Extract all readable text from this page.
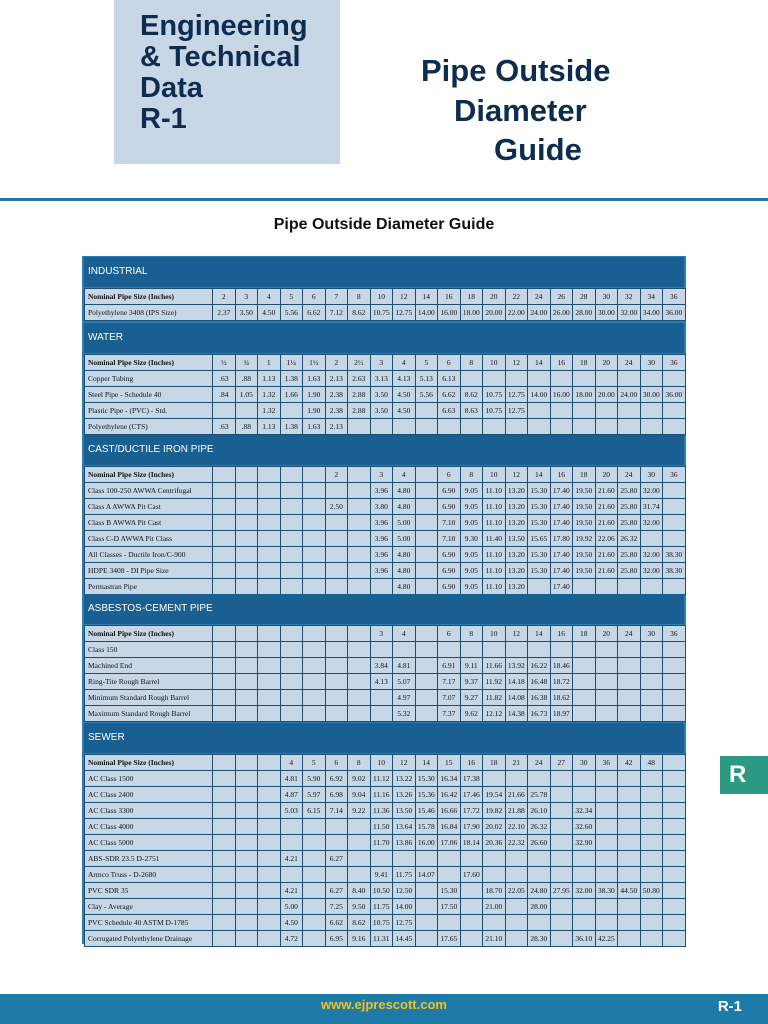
Engineering
& Technical
Data
R-1
Pipe Outside
Diameter
Guide
Pipe Outside Diameter Guide
INDUSTRIAL
Nominal Pipe Size (Inches)	2	3	4	5	6	7	8	10	12	14	16	18	20	22	24	26	28	30	32	34	36
Polyethylene 3408 (IPS Size)	2.37	3.50	4.50	5.56	6.62	7.12	8.62	10.75	12.75	14.00	16.00	18.00	20.00	22.00	24.00	26.00	28.00	30.00	32.00	34.00	36.00
WATER
Nominal Pipe Size (Inches)	½	¾	1	1¼	1½	2	2½	3	4	5	6	8	10	12	14	16	18	20	24	30	36
Copper Tubing	.63	.88	1.13	1.38	1.63	2.13	2.63	3.13	4.13	5.13	6.13										
Steel Pipe - Schedule 40	.84	1.05	1.32	1.66	1.90	2.38	2.88	3.50	4.50	5.56	6.62	8.62	10.75	12.75	14.00	16.00	18.00	20.00	24.00	30.00	36.00
Plastic Pipe - (PVC) - Std.			1.32		1.90	2.38	2.88	3.50	4.50		6.63	8.63	10.75	12.75							
Polyethylene (CTS)	.63	.88	1.13	1.38	1.63	2.13															
CAST/DUCTILE IRON PIPE
Nominal Pipe Size (Inches)						2		3	4		6	8	10	12	14	16	18	20	24	30	36
Class 100-250 AWWA Centrifugal								3.96	4.80		6.90	9.05	11.10	13.20	15.30	17.40	19.50	21.60	25.80	32.00	
Class A AWWA Pit Cast						2.50		3.80	4.80		6.90	9.05	11.10	13.20	15.30	17.40	19.50	21.60	25.80	31.74	
Class B AWWA Pit Cast								3.96	5.00		7.10	9.05	11.10	13.20	15.30	17.40	19.50	21.60	25.80	32.00	
Class C-D AWWA Pit Class								3.96	5.00		7.10	9.30	11.40	13.50	15.65	17.80	19.92	22.06	26.32		
All Classes - Ductile Iron/C-900								3.96	4.80		6.90	9.05	11.10	13.20	15.30	17.40	19.50	21.60	25.80	32.00	38.30
HDPE 3408 - DI Pipe Size								3.96	4.80		6.90	9.05	11.10	13.20	15.30	17.40	19.50	21.60	25.80	32.00	38.30
Permastran Pipe									4.80		6.90	9.05	11.10	13.20		17.40					
ASBESTOS-CEMENT PIPE
Nominal Pipe Size (Inches)								3	4		6	8	10	12	14	16	18	20	24	30	36
Class 150																					
Machined End								3.84	4.81		6.91	9.11	11.66	13.92	16.22	18.46					
Ring-Tite Rough Barrel								4.13	5.07		7.17	9.37	11.92	14.18	16.48	18.72					
Minimum Standard Rough Barrel									4.97		7.07	9.27	11.82	14.08	16.38	18.62					
Maximum Standard Rough Barrel									5.32		7.37	9.62	12.12	14.38	16.73	18.97					
SEWER
Nominal Pipe Size (Inches)				4	5	6	8	10	12	14	15	16	18	21	24	27	30	36	42	48	
AC Class 1500				4.81	5.90	6.92	9.02	11.12	13.22	15.30	16.34	17.38									
AC Class 2400				4.87	5.97	6.98	9.04	11.16	13.26	15.36	16.42	17.46	19.54	21.66	25.78						
AC Class 3300				5.03	6.15	7.14	9.22	11.36	13.50	15.46	16.66	17.72	19.82	21.88	26.10		32.34				
AC Class 4000								11.50	13.64	15.78	16.84	17.90	20.02	22.10	26.32		32.60				
AC Class 5000								11.70	13.86	16.00	17.06	18.14	20.36	22.32	26.60		32.90				
ABS-SDR 23.5 D-2751				4.21		6.27															
Armco Truss - D-2680								9.41	11.75	14.07		17.60									
PVC SDR 35				4.21		6.27	8.40	10.50	12.50		15.30		18.70	22.05	24.80	27.95	32.00	38.30	44.50	50.80	
Clay - Average				5.00		7.25	9.50	11.75	14.00		17.50		21.00		28.00						
PVC Schedule 40 ASTM D-1785				4.50		6.62	8.62	10.75	12.75												
Corrugated Polyethylene Drainage				4.72		6.95	9.16	11.31	14.45		17.65		21.10		28.30		36.10	42.25			
R
www.ejprescott.com	R-1
